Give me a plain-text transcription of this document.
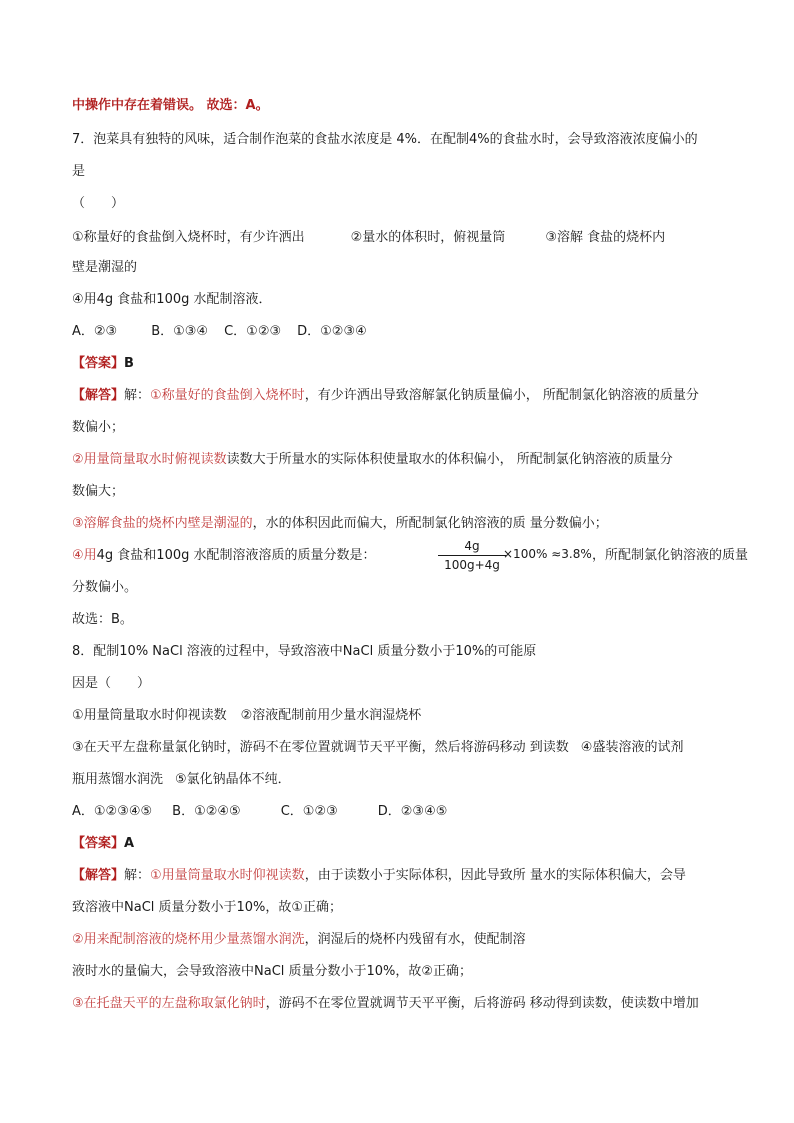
中操作中存在着错误。 故选：A。
7．泡菜具有独特的风味，适合制作泡菜的食盐水浓度是 4%．在配制4%的食盐水时，会导致溶液浓度偏小的
是
（　　）
①称量好的食盐倒入烧杯时，有少许洒出	②量水的体积时，俯视量筒	③溶解 食盐的烧杯内
壁是潮湿的
④用4g 食盐和100g 水配制溶液．
A．②③	B．①③④ C．①②③ D．①②③④
【答案】B
【解答】解：①称量好的食盐倒入烧杯时，有少许洒出导致溶解氯化钠质量偏小， 所配制氯化钠溶液的质量分
数偏小；
②用量筒量取水时俯视读数读数大于所量水的实际体积使量取水的体积偏小， 所配制氯化钠溶液的质量分
数偏大；
③溶解食盐的烧杯内壁是潮湿的，水的体积因此而偏大，所配制氯化钠溶液的质 量分数偏小；
④用4g 食盐和100g 水配制溶液溶质的质量分数是：	$\frac{4g}{100g+4g}$
×100% ≈3.8% ，所配制氯化钠溶液的质量
分数偏小。
故选：B。
8．配制10% NaCl 溶液的过程中，导致溶液中NaCl 质量分数小于10%的可能原
因是（　　）
①用量筒量取水时仰视读数 ②溶液配制前用少量水润湿烧杯
③在天平左盘称量氯化钠时，游码不在零位置就调节天平平衡，然后将游码移动 到读数 ④盛装溶液的试剂
瓶用蒸馏水润洗 ⑤氯化钠晶体不纯．
A．①②③④⑤ B．①②④⑤	C．①②③	D．②③④⑤
【答案】A
【解答】解：①用量筒量取水时仰视读数，由于读数小于实际体积，因此导致所 量水的实际体积偏大，会导
致溶液中NaCl 质量分数小于10%，故①正确；
②用来配制溶液的烧杯用少量蒸馏水润洗，润湿后的烧杯内残留有水，使配制溶
液时水的量偏大，会导致溶液中NaCl 质量分数小于10%，故②正确；
③在托盘天平的左盘称取氯化钠时，游码不在零位置就调节天平平衡，后将游码 移动得到读数，使读数中增加
